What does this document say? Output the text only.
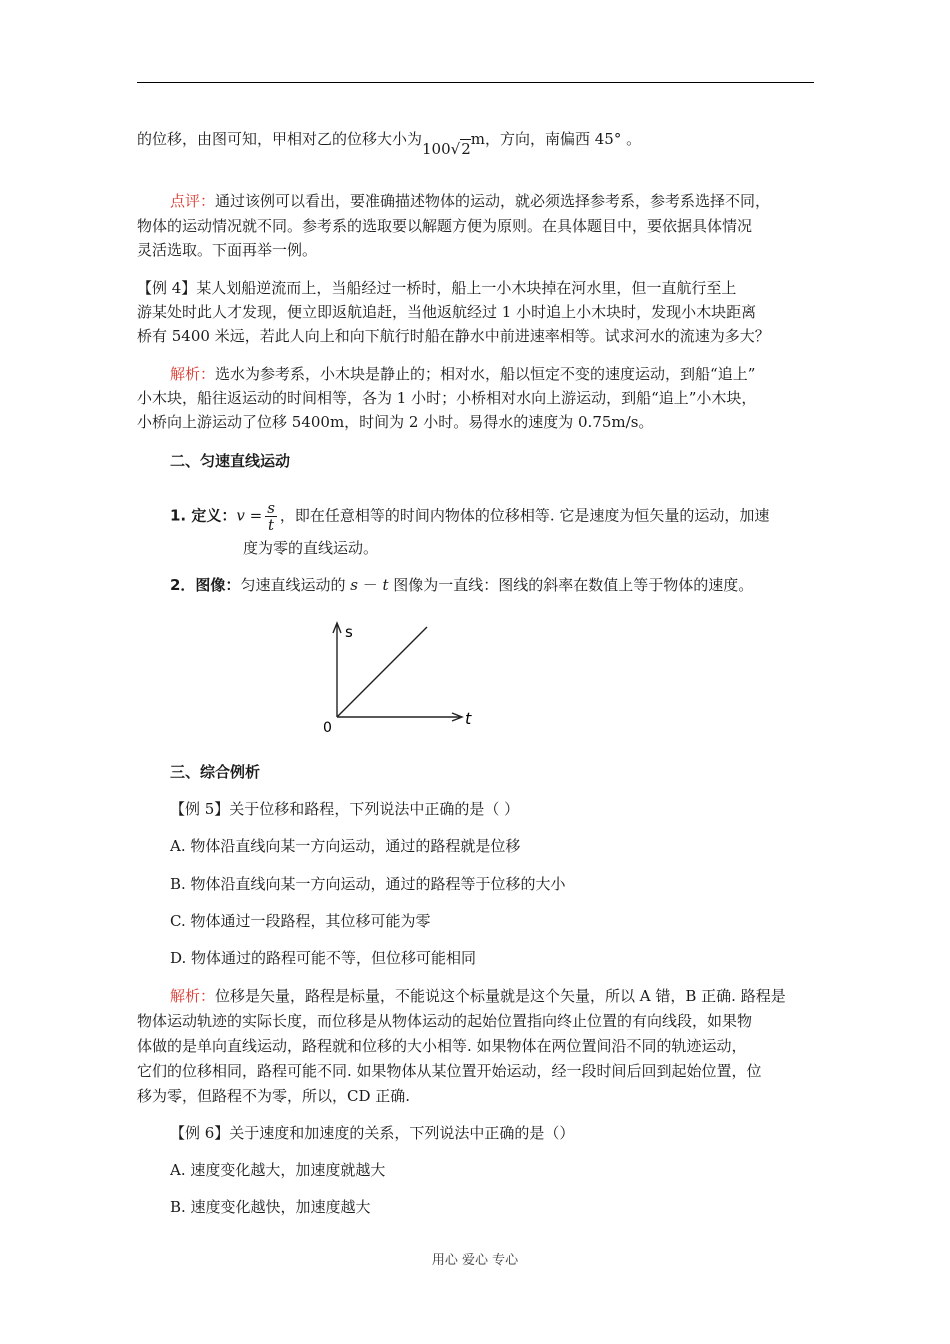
的位移，由图可知，甲相对乙的位移大小为100√2m，方向，南偏西 45° 。
点评：通过该例可以看出，要准确描述物体的运动，就必须选择参考系，参考系选择不同，
物体的运动情况就不同。参考系的选取要以解题方便为原则。在具体题目中，要依据具体情况
灵活选取。下面再举一例。
【例 4】某人划船逆流而上，当船经过一桥时，船上一小木块掉在河水里，但一直航行至上
游某处时此人才发现，便立即返航追赶，当他返航经过 1 小时追上小木块时，发现小木块距离
桥有 5400 米远，若此人向上和向下航行时船在静水中前进速率相等。试求河水的流速为多大？
解析：选水为参考系，小木块是静止的；相对水，船以恒定不变的速度运动，到船“追上”
小木块，船往返运动的时间相等，各为 1 小时；小桥相对水向上游运动，到船“追上”小木块，
小桥向上游运动了位移 5400m，时间为 2 小时。易得水的速度为 0.75m/s。
二、匀速直线运动
1. 定义：$v = \frac{s}{t}$ ，即在任意相等的时间内物体的位移相等. 它是速度为恒矢量的运动，加速
度为零的直线运动。
2．图像：匀速直线运动的 s － t 图像为一直线：图线的斜率在数值上等于物体的速度。
s
t
0
三、综合例析
【例 5】关于位移和路程，下列说法中正确的是（ ）
A. 物体沿直线向某一方向运动，通过的路程就是位移
B. 物体沿直线向某一方向运动，通过的路程等于位移的大小
C. 物体通过一段路程，其位移可能为零
D. 物体通过的路程可能不等，但位移可能相同
解析：位移是矢量，路程是标量，不能说这个标量就是这个矢量，所以 A 错，B 正确. 路程是
物体运动轨迹的实际长度，而位移是从物体运动的起始位置指向终止位置的有向线段，如果物
体做的是单向直线运动，路程就和位移的大小相等. 如果物体在两位置间沿不同的轨迹运动，
它们的位移相同，路程可能不同. 如果物体从某位置开始运动，经一段时间后回到起始位置，位
移为零，但路程不为零，所以，CD 正确.
【例 6】关于速度和加速度的关系，下列说法中正确的是（）
A. 速度变化越大，加速度就越大
B. 速度变化越快，加速度越大
用心 爱心 专心
